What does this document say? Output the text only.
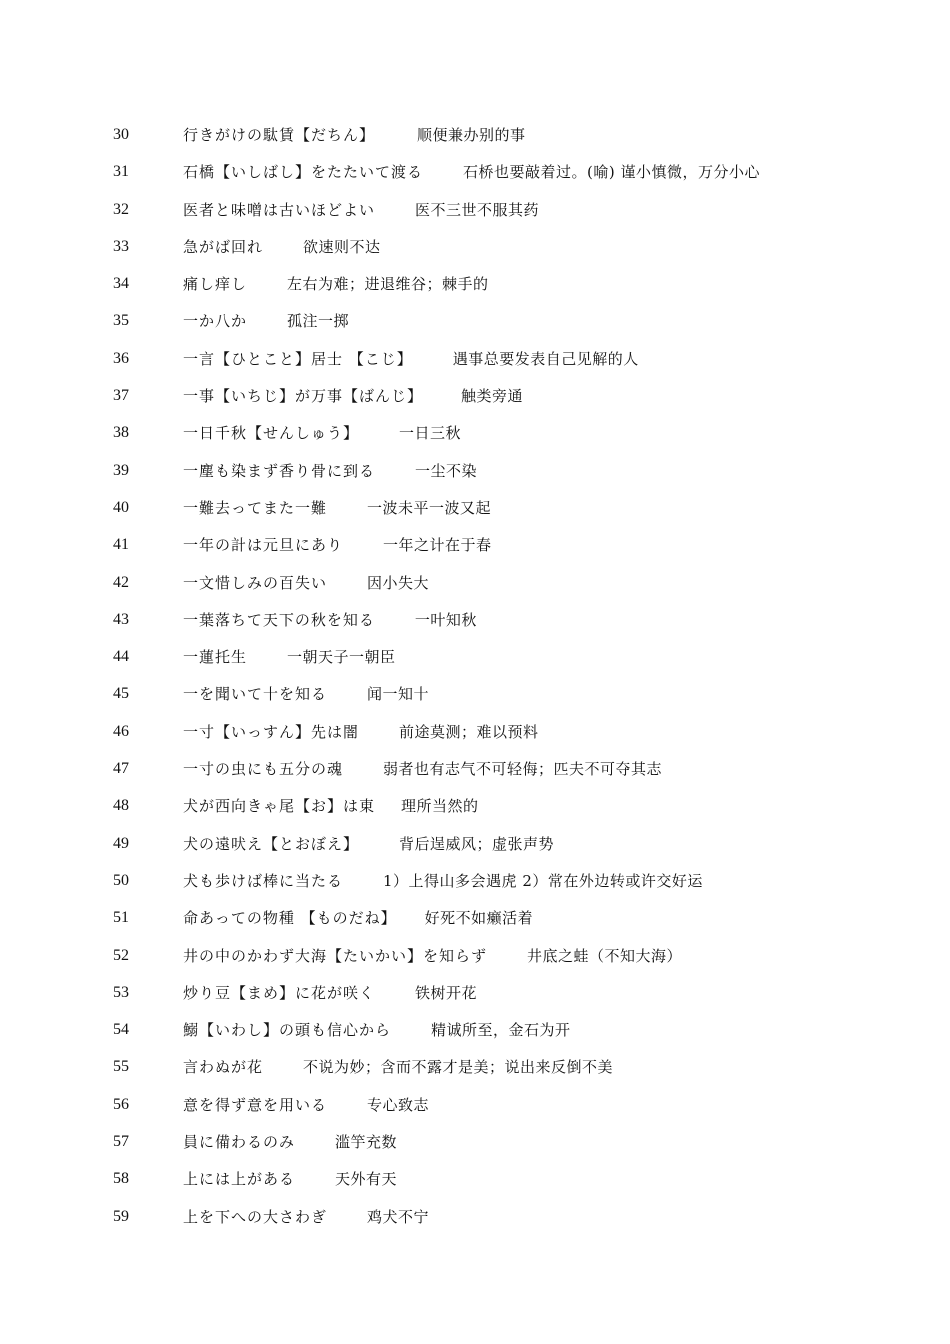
30	行きがけの駄賃【だちん】	顺便兼办别的事
31	石橋【いしばし】をたたいて渡る	石桥也要敲着过。(喻) 谨小慎微，万分小心
32	医者と味噌は古いほどよい	医不三世不服其药
33	急がば回れ	欲速则不达
34	痛し痒し	左右为难；进退维谷；棘手的
35	一か八か	孤注一掷
36	一言【ひとこと】居士 【こじ】	遇事总要发表自己见解的人
37	一事【いちじ】が万事【ばんじ】	触类旁通
38	一日千秋【せんしゅう】	一日三秋
39	一塵も染まず香り骨に到る	一尘不染
40	一難去ってまた一難	一波未平一波又起
41	一年の計は元旦にあり	一年之计在于春
42	一文惜しみの百失い	因小失大
43	一葉落ちて天下の秋を知る	一叶知秋
44	一蓮托生	一朝天子一朝臣
45	一を聞いて十を知る	闻一知十
46	一寸【いっすん】先は闇	前途莫测；难以预料
47	一寸の虫にも五分の魂	弱者也有志气不可轻侮；匹夫不可夺其志
48	犬が西向きゃ尾【お】は東 理所当然的
49	犬の遠吠え【とおぼえ】	背后逞威风；虚张声势
50	犬も歩けば棒に当たる	1）上得山多会遇虎 2）常在外边转或许交好运
51	命あっての物種 【ものだね】 好死不如癞活着
52	井の中のかわず大海【たいかい】を知らず	井底之蛙（不知大海）
53	炒り豆【まめ】に花が咲く	铁树开花
54	鰯【いわし】の頭も信心から	精诚所至，金石为开
55	言わぬが花	不说为妙；含而不露才是美；说出来反倒不美
56	意を得ず意を用いる	专心致志
57	員に備わるのみ	滥竽充数
58	上には上がある	天外有天
59	上を下への大さわぎ	鸡犬不宁
